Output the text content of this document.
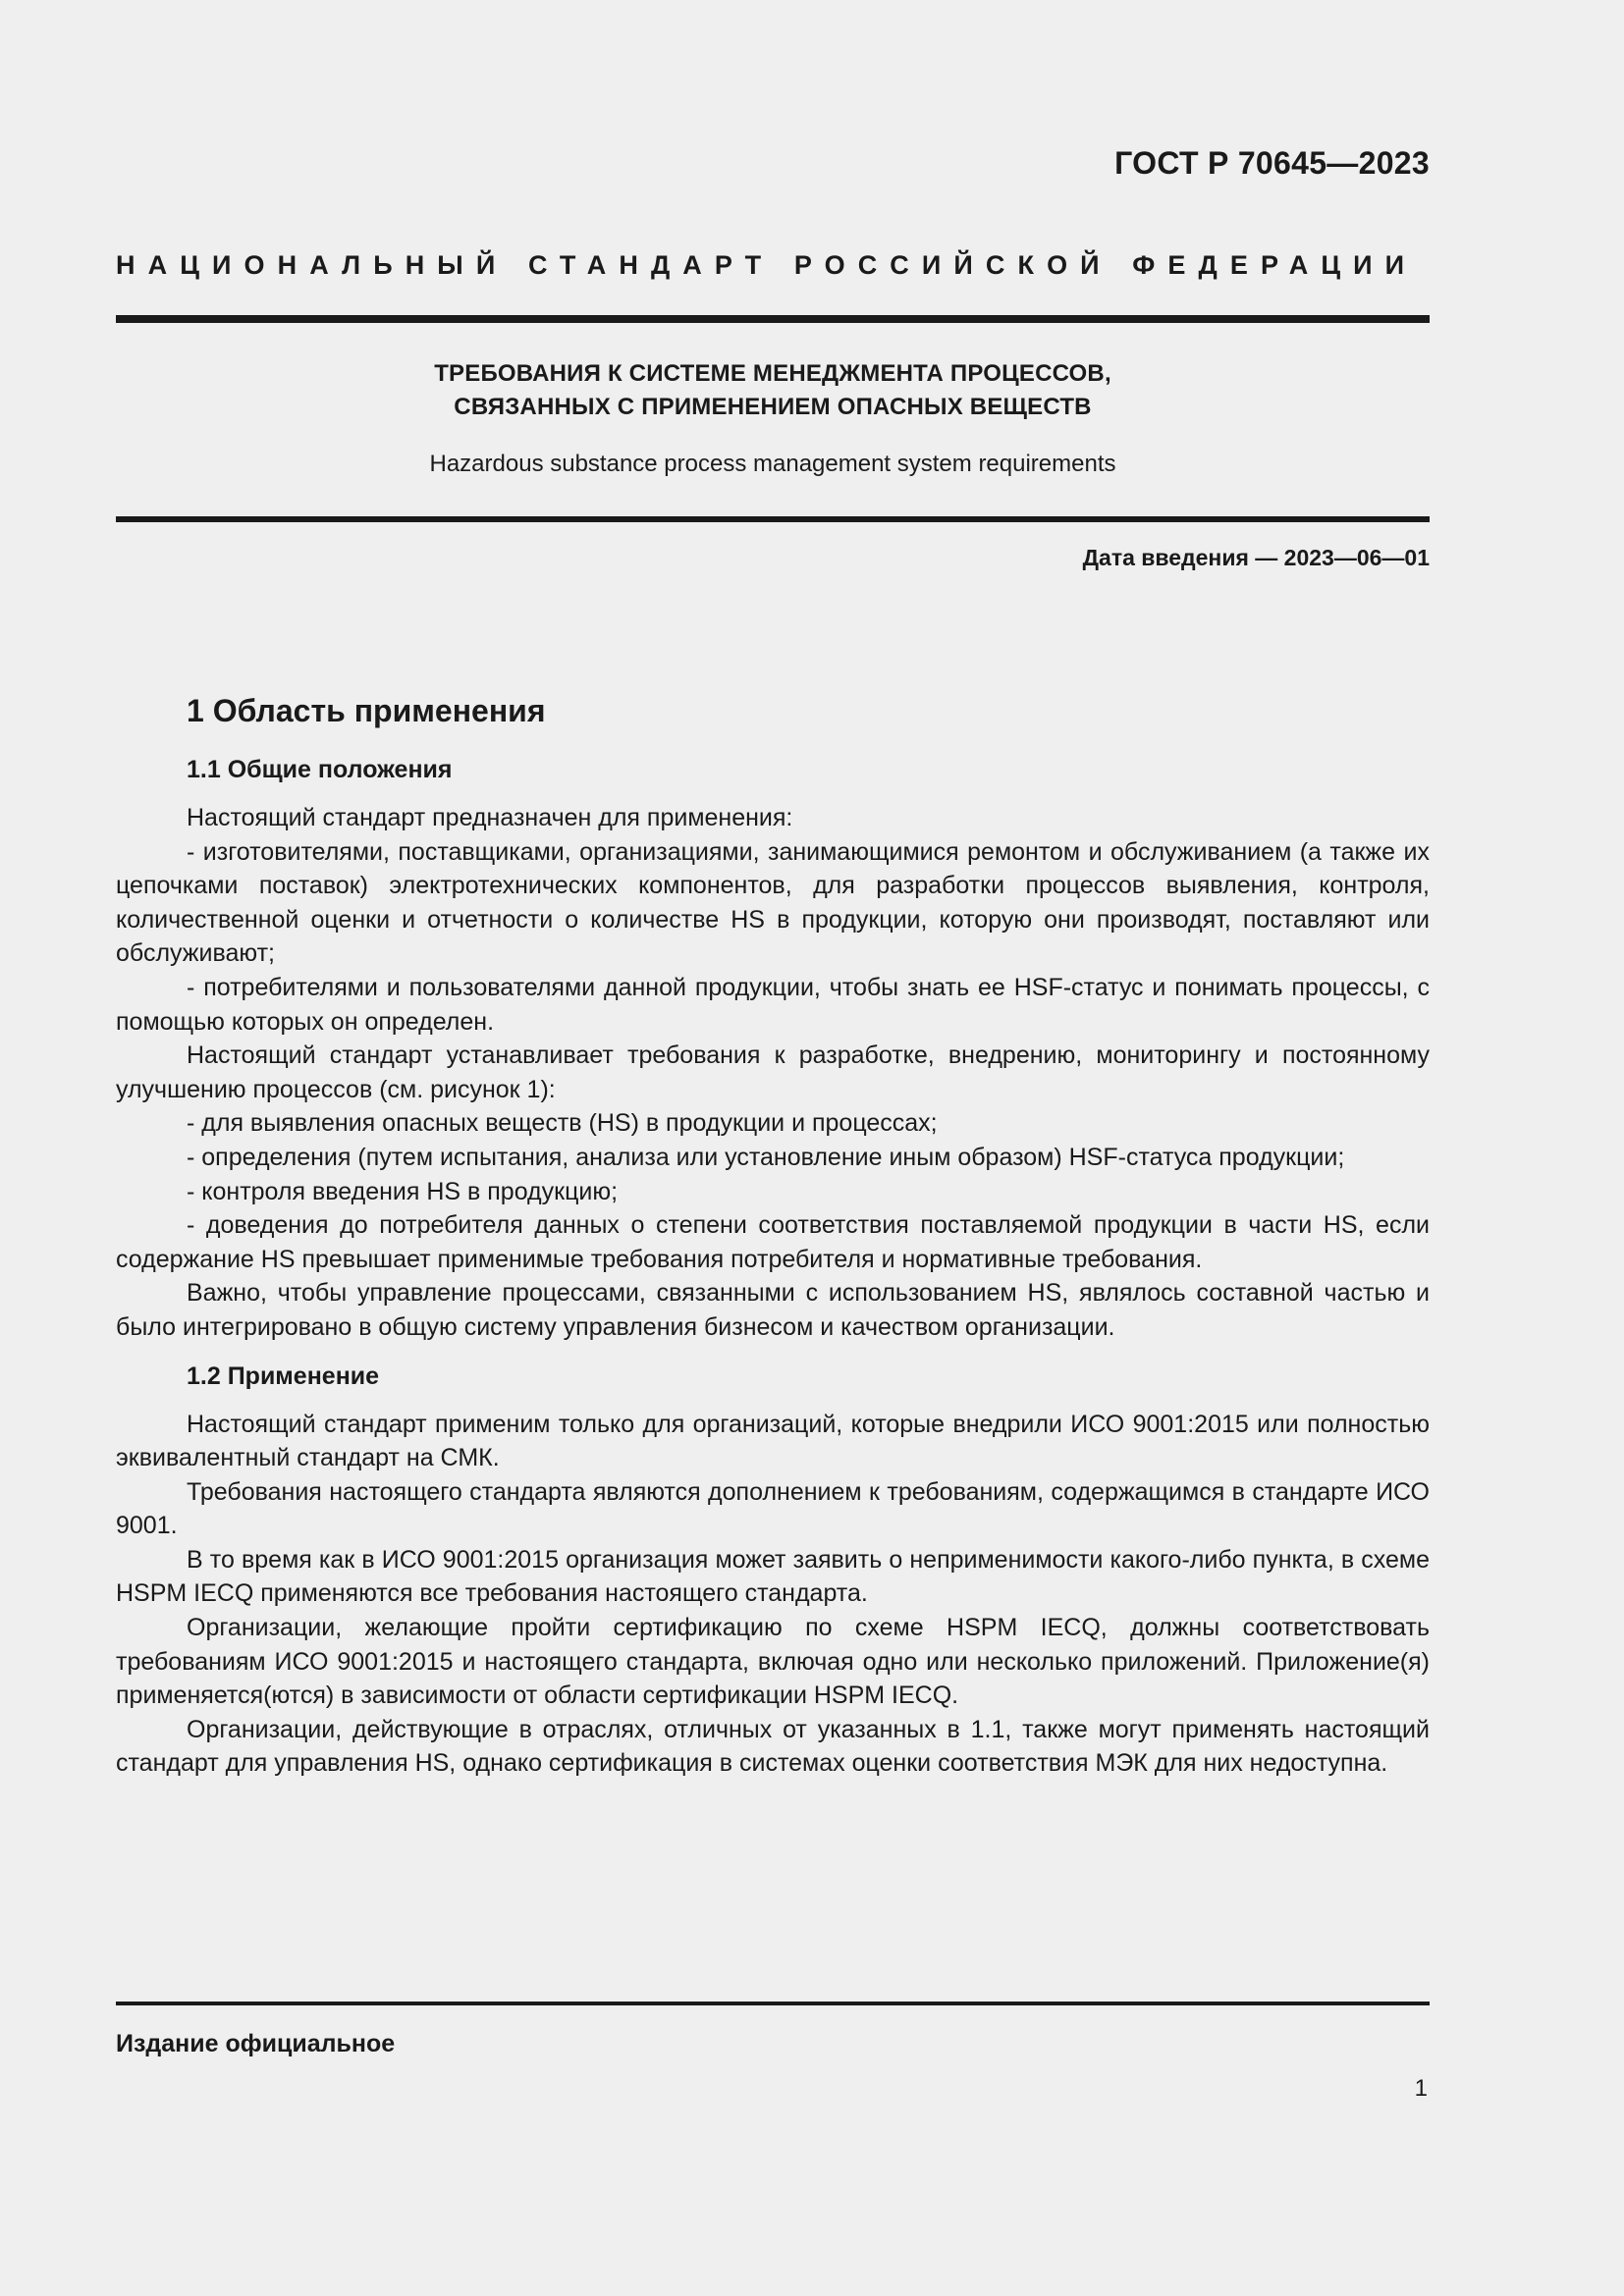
ГОСТ Р 70645—2023
НАЦИОНАЛЬНЫЙ СТАНДАРТ РОССИЙСКОЙ ФЕДЕРАЦИИ
ТРЕБОВАНИЯ К СИСТЕМЕ МЕНЕДЖМЕНТА ПРОЦЕССОВ,
СВЯЗАННЫХ С ПРИМЕНЕНИЕМ ОПАСНЫХ ВЕЩЕСТВ
Hazardous substance process management system requirements
Дата введения — 2023—06—01
1 Область применения
1.1 Общие положения

Настоящий стандарт предназначен для применения:

- изготовителями, поставщиками, организациями, занимающимися ремонтом и обслуживанием (а также их цепочками поставок) электротехнических компонентов, для разработки процессов выявления, контроля, количественной оценки и отчетности о количестве HS в продукции, которую они производят, поставляют или обслуживают;

- потребителями и пользователями данной продукции, чтобы знать ее HSF-статус и понимать процессы, с помощью которых он определен.

Настоящий стандарт устанавливает требования к разработке, внедрению, мониторингу и постоянному улучшению процессов (см. рисунок 1):

- для выявления опасных веществ (HS) в продукции и процессах;

- определения (путем испытания, анализа или установление иным образом) HSF-статуса продукции;

- контроля введения HS в продукцию;

- доведения до потребителя данных о степени соответствия поставляемой продукции в части HS, если содержание HS превышает применимые требования потребителя и нормативные требования.

Важно, чтобы управление процессами, связанными с использованием HS, являлось составной частью и было интегрировано в общую систему управления бизнесом и качеством организации.

1.2 Применение

Настоящий стандарт применим только для организаций, которые внедрили ИСО 9001:2015 или полностью эквивалентный стандарт на СМК.

Требования настоящего стандарта являются дополнением к требованиям, содержащимся в стандарте ИСО 9001.

В то время как в ИСО 9001:2015 организация может заявить о неприменимости какого-либо пункта, в схеме HSPM IECQ применяются все требования настоящего стандарта.

Организации, желающие пройти сертификацию по схеме HSPM IECQ, должны соответствовать требованиям ИСО 9001:2015 и настоящего стандарта, включая одно или несколько приложений. Приложение(я) применяется(ются) в зависимости от области сертификации HSPM IECQ.

Организации, действующие в отраслях, отличных от указанных в 1.1, также могут применять настоящий стандарт для управления HS, однако сертификация в системах оценки соответствия МЭК для них недоступна.

Издание официальное
1
